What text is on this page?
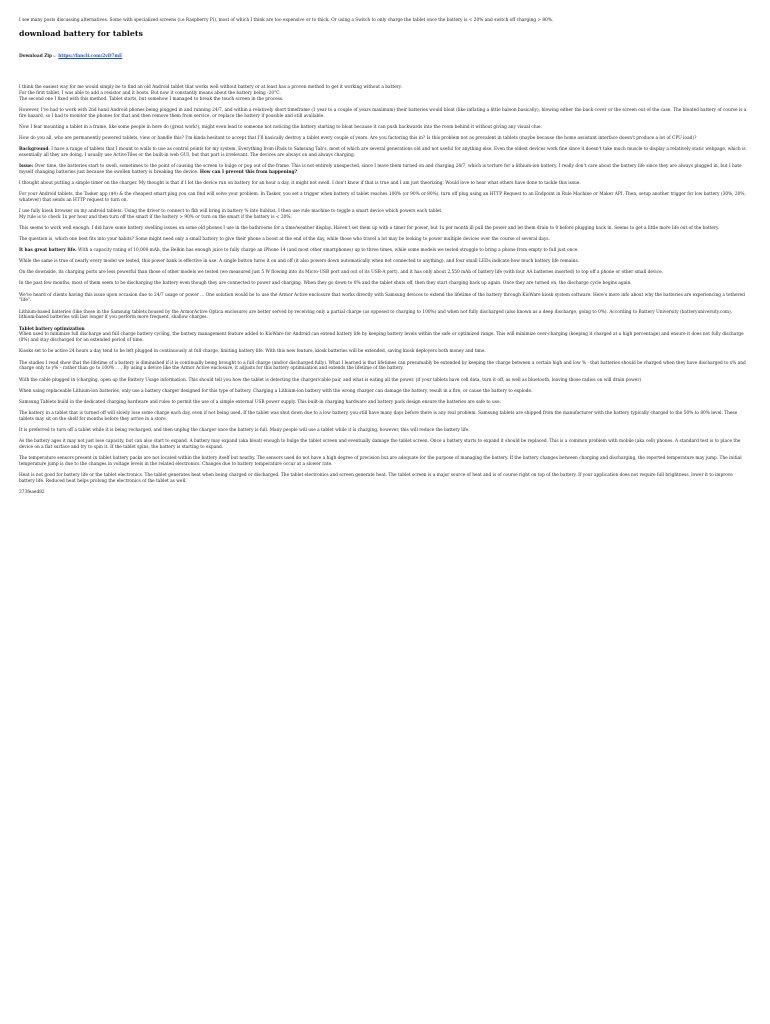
I see many posts discussing alternatives. Some with specialized screens (i.e Raspberry Pi), most of which I think are too expensive or to thick. Or using a Switch to only charge the tablet once the battery is < 20% and switch off charging > 80%.

download battery for tablets

Download Zip ▻ https://fancli.com/2vD7mE

I think the easiest way for me would simply be to find an old Android tablet that works well without battery or at least has a proven method to get it working without a battery.
For the first tablet, I was able to add a resistor and it boots. But now it constantly moans about the battery being -20°C.
The second one I fixed with this method. Tablet starts, but somehow I managed to break the touch screen in the process.

However, I've had to work with 2nd hand Android phones being plugged in and running 24/7, and within a relatively short timeframe (1 year to a couple of years maximum) their batteries would bloat (like inflating a little baloon basically), blowing either the back cover or the screen out of the case. The bloated battery of course is a fire hazard, so I had to monitor the phones for that and then remove them from service, or replace the battery if possible and still available.

Now I fear mounting a tablet in a frame, like some people in here do (great work!), might even lead to someone not noticing the battery starting to bloat because it can push backwards into the room behind it without giving any visual clue.

How do you all, who are permanently powered tablets, view or handle this? I'm kinda hesitant to accept that I'll basically destroy a tablet every couple of years. Are you factoring this in? Is this problem not as prevalent in tablets (maybe because the home assistant interface doesn't produce a lot of CPU load)?

Background: I have a range of tablets that I mount to walls to use as control points for my system. Everything from iPads to Samsung Tab's, most of which are several generations old and not useful for anything else. Even the oldest devices work fine since it doesn't take much muscle to display a relatively static webpage, which is essentially all they are doing. I usually use ActiveTiles or the built-in web GUI, but that part is irrelevant. The devices are always on and always charging.

Issue: Over time, the batteries start to swell, sometimes to the point of causing the screen to bulge or pop out of the frame. This is not entirely unexpected, since I leave them turned on and charging 24/7, which is torture for a lithium-ion battery. I really don't care about the battery life since they are always plugged in, but I hate myself changing batteries just because the swollen battery is breaking the device. How can I prevent this from happening?

I thought about putting a simple timer on the charger. My thought is that if I let the device run on battery for an hour a day, it might not swell. I don't know if that is true and I am just theorizing. Would love to hear what others have done to tackle this issue.

For your Android tablets, the Tasker app ($4) & the cheapest smart plug you can find will solve your problem. In Tasker, you set a trigger when battery of tablet reaches 100% (or 90% or 80%), turn off plug using an HTTP Request to an Endpoint in Rule Machine or Maker API. Then, setup another trigger for low battery (30%, 20%, whatever) that sends an HTTP request to turn on.

I use fully kiosk browser on my android tablets. Using the driver to connect to fkb will bring in battery % into hubitat. I then use rule machine to toggle a smart device which powers each tablet.
My rule is to check 1x per hour and then turn off the smart if the battery > 90% or turn on the smart if the battery is < 20%.

This seems to work well enough. I did have some battery swelling issues on some old phones I use in the bathrooms for a time/weather display. Haven't set them up with a timer for power, but 1x per month ill pull the power and let them drain to 0 before plugging back in. Seems to get a little more life out of the battery.

The question is, which one best fits into your habits? Some might need only a small battery to give their phone a boost at the end of the day, while those who travel a lot may be looking to power multiple devices over the course of several days.

It has great battery life. With a capacity rating of 10,000 mAh, the Belkin has enough juice to fully charge an iPhone 14 (and most other smartphones) up to three times, while some models we tested struggle to bring a phone from empty to full just once.

While the same is true of nearly every model we tested, this power bank is effective in use. A single button turns it on and off (it also powers down automatically when not connected to anything), and four small LEDs indicate how much battery life remains.

On the downside, its charging ports are less powerful than those of other models we tested (we measured just 5 W flowing into its Micro-USB port and out of its USB-A port), and it has only about 2,550 mAh of battery life (with four AA batteries inserted) to top off a phone or other small device.

In the past few months, most of them seem to be discharging the battery even though they are connected to power and charging. When they go down to 0% and the tablet shuts off, then they start charging back up again. Once they are turned on, the discharge cycle begins again.

We've heard of clients having this issue upon occasion due to 24/7 usage or power ... One solution would be to use the Armor Active enclosure that works directly with Samsung devices to extend the lifetime of the battery through KioWare kiosk system software. Here's more info about why the batteries are experiencing a tethered "life".

Lithium-based batteries (like those in the Samsung tablets housed by the ArmorActive Optica enclosure) are better served by receiving only a partial charge (as opposed to charging to 100%) and when not fully discharged (also known as a deep discharge, going to 0%). According to Battery University (batteryuniversity.com), lithium-based batteries will last longer if you perform more frequent, shallow charges.

Tablet battery optimization
When used to minimize full discharge and full charge battery cycling, the battery management feature added to KioWare for Android can extend battery life by keeping battery levels within the safe or optimized range. This will minimize over-charging (keeping it charged at a high percentage) and ensure it does not fully discharge (0%) and stay discharged for an extended period of time.

Kiosks set to be active 24 hours a day tend to be left plugged in continuously at full charge, limiting battery life. With this new feature, kiosk batteries will be extended, saving kiosk deployers both money and time.

The studies I read show that the lifetime of a battery is diminished if it is continually being brought to a full charge (and/or discharged fully). What I learned is that lifetimes can presumably be extended by keeping the charge between a certain high and low % - that batteries should be charged when they have discharged to x% and charge only to y% – rather than go to 100% . . . By using a device like the Armor Active enclosure, it adjusts for this battery optimization and extends the lifetime of the battery.

With the cable plugged in (charging, open up the Battery Usage information. This should tell you how the tablet is detecting the charger/cable pair, and what is eating all the power. (if your tablets have cell data, turn it off, as well as bluetooth, leaving those radios on will drain power)

When using replaceable Lithium-ion batteries, only use a battery charger designed for this type of battery. Charging a Lithium-ion battery with the wrong charger can damage the battery, result in a fire, or cause the battery to explode.

Samsung Tablets build in the dedicated charging hardware and rules to permit the use of a simple external USB power supply. This built-in charging hardware and battery pack design ensure the batteries are safe to use.

The battery in a tablet that is turned off will slowly lose some charge each day, even if not being used. If the tablet was shut down due to a low battery, you still have many days before there is any real problem. Samsung tablets are shipped from the manufacturer with the battery typically charged to the 50% to 80% level. These tablets may sit on the shelf for months before they arrive in a store.

It is preferred to turn off a tablet while it is being recharged, and then unplug the charger once the battery is full. Many people will use a tablet while it is charging, however, this will reduce the battery life.

As the battery ages it may not just lose capacity, but can also start to expand. A battery may expand (aka bloat) enough to bulge the tablet screen and eventually damage the tablet screen. Once a battery starts to expand it should be replaced. This is a common problem with mobile (aka cell) phones. A standard test is to place the device on a flat surface and try to spin it. If the tablet spins, the battery is starting to expand.

The temperature sensors present in tablet battery packs are not located within the battery itself but nearby. The sensors used do not have a high degree of precision but are adequate for the purpose of managing the battery. If the battery changes between charging and discharging, the reported temperature may jump. The initial temperature jump is due to the changes in voltage levels in the related electronics. Changes due to battery temperature occur at a slower rate.

Heat is not good for battery life or the tablet electronics. The tablet generates heat when being charged or discharged. The tablet electronics and screen generate heat. The tablet screen is a major source of heat and is of course right on top of the battery. If your application does not require full brightness, lower it to improve battery life. Reduced heat helps prolong the electronics of the tablet as well.

373feaed82
